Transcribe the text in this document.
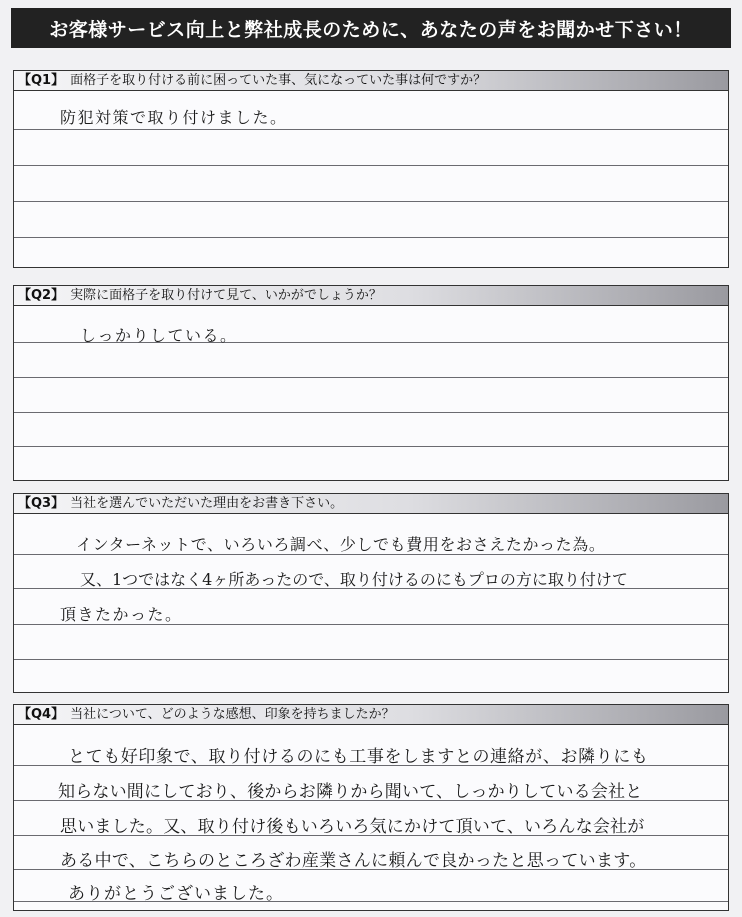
お客様サービス向上と弊社成長のために、あなたの声をお聞かせ下さい！
【Q1】 面格子を取り付ける前に困っていた事、気になっていた事は何ですか？
防犯対策で取り付けました。
【Q2】 実際に面格子を取り付けて見て、いかがでしょうか？
しっかりしている。
【Q3】 当社を選んでいただいた理由をお書き下さい。
インターネットで、いろいろ調べ、少しでも費用をおさえたかった為。
又、1つではなく4ヶ所あったので、取り付けるのにもプロの方に取り付けて
頂きたかった。
【Q4】 当社について、どのような感想、印象を持ちましたか？
とても好印象で、取り付けるのにも工事をしますとの連絡が、お隣りにも
知らない間にしており、後からお隣りから聞いて、しっかりしている会社と
思いました。又、取り付け後もいろいろ気にかけて頂いて、いろんな会社が
ある中で、こちらのところざわ産業さんに頼んで良かったと思っています。
ありがとうございました。
